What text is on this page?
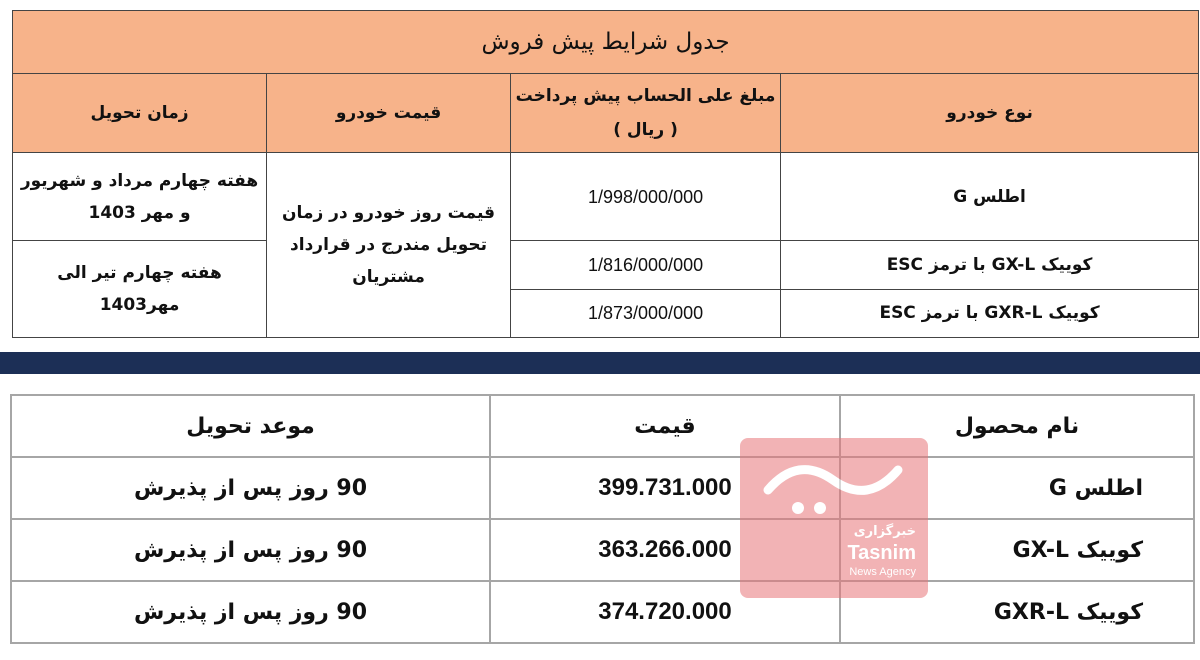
جدول شرایط پیش فروش			
نوع خودرو	مبلغ علی الحساب پیش پرداخت ( ریال )	قیمت خودرو	زمان تحویل
اطلس G	1/998/000/000	قیمت روز خودرو در زمان تحویل مندرج در قرارداد مشتریان	هفته چهارم مرداد و شهریور و مهر 1403
کوییک GX-L با ترمز ESC	1/816/000/000		هفته چهارم تیر الی مهر1403
کوییک GXR-L با ترمز ESC	1/873/000/000		
نام محصول	قیمت	موعد تحویل
اطلس G	399.731.000	90 روز پس از پذیرش
کوییک GX-L	363.266.000	90 روز پس از پذیرش
کوییک GXR-L	374.720.000	90 روز پس از پذیرش
خبرگزاری
Tasnim
News Agency
